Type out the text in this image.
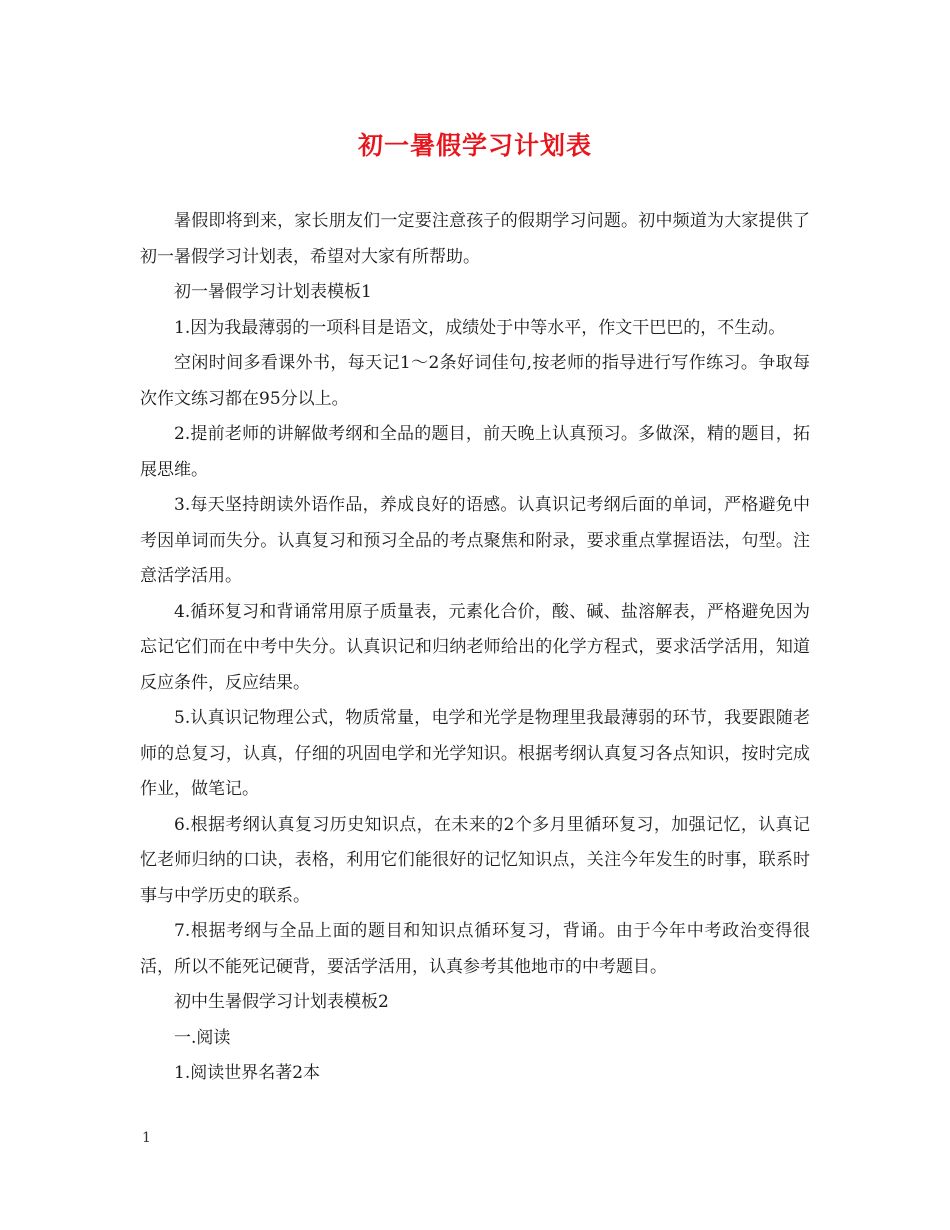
初一暑假学习计划表

暑假即将到来，家长朋友们一定要注意孩子的假期学习问题。初中频道为大家提供了初一暑假学习计划表，希望对大家有所帮助。

初一暑假学习计划表模板1

1.因为我最薄弱的一项科目是语文，成绩处于中等水平，作文干巴巴的，不生动。

空闲时间多看课外书，每天记1～2条好词佳句,按老师的指导进行写作练习。争取每次作文练习都在95分以上。

2.提前老师的讲解做考纲和全品的题目，前天晚上认真预习。多做深，精的题目，拓展思维。

3.每天坚持朗读外语作品，养成良好的语感。认真识记考纲后面的单词，严格避免中考因单词而失分。认真复习和预习全品的考点聚焦和附录，要求重点掌握语法，句型。注意活学活用。

4.循环复习和背诵常用原子质量表，元素化合价，酸、碱、盐溶解表，严格避免因为忘记它们而在中考中失分。认真识记和归纳老师给出的化学方程式，要求活学活用，知道反应条件，反应结果。

5.认真识记物理公式，物质常量，电学和光学是物理里我最薄弱的环节，我要跟随老师的总复习，认真，仔细的巩固电学和光学知识。根据考纲认真复习各点知识，按时完成作业，做笔记。

6.根据考纲认真复习历史知识点，在未来的2个多月里循环复习，加强记忆，认真记忆老师归纳的口诀，表格，利用它们能很好的记忆知识点，关注今年发生的时事，联系时事与中学历史的联系。

7.根据考纲与全品上面的题目和知识点循环复习，背诵。由于今年中考政治变得很活，所以不能死记硬背，要活学活用，认真参考其他地市的中考题目。

初中生暑假学习计划表模板2

一.阅读

1.阅读世界名著2本

1
